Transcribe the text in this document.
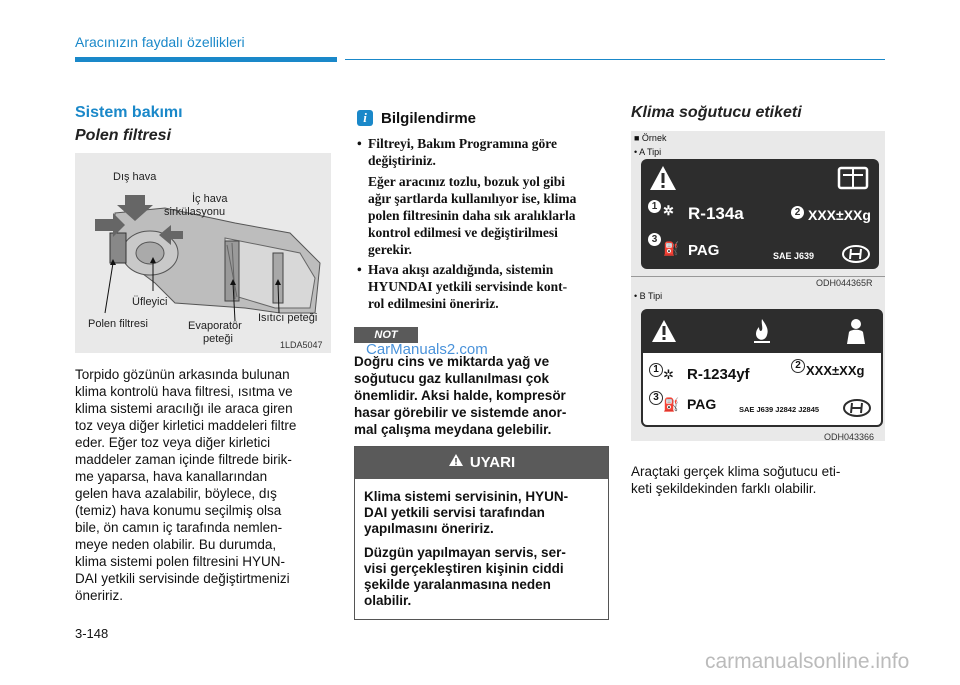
Aracınızın faydalı özellikleri
Sistem bakımı
Polen filtresi
Dış hava
İç hava
sirkülasyonu
Üfleyici
Polen filtresi	Evaporatör
peteği
Isıtıcı peteği
1LDA5047
Torpido gözünün arkasında bulunan
klima kontrolü hava filtresi, ısıtma ve
klima sistemi aracılığı ile araca giren
toz veya diğer kirletici maddeleri filtre
eder. Eğer toz veya diğer kirletici
maddeler zaman içinde filtrede birik-
me yaparsa, hava kanallarından
gelen hava azalabilir, böylece, dış
(temiz) hava konumu seçilmiş olsa
bile, ön camın iç tarafında nemlen-
meye neden olabilir. Bu durumda,
klima sistemi polen filtresini HYUN-
DAI yetkili servisinde değiştirtmenizi
öneririz.
i Bilgilendirme
• Filtreyi, Bakım Programına göre
değiştiriniz.
Eğer aracınız tozlu, bozuk yol gibi
ağır şartlarda kullanılıyor ise, klima
polen filtresinin daha sık aralıklarla
kontrol edilmesi ve değiştirilmesi
gerekir.
• Hava akışı azaldığında, sistemin
HYUNDAI yetkili servisinde kont-
rol edilmesini öneririz.
NOT
Doğru cins ve miktarda yağ ve
soğutucu gaz kullanılması çok
önemlidir. Aksi halde, kompresör
hasar görebilir ve sistemde anor-
mal çalışma meydana gelebilir.
CarManuals2.com
UYARI
Klima sistemi servisinin, HYUN-
DAI yetkili servisi tarafından
yapılmasını öneririz.
Düzgün yapılmayan servis, ser-
visi gerçekleştiren kişinin ciddi
şekilde yaralanmasına neden
olabilir.
Klima soğutucu etiketi
■ Örnek
• A Tipi
1 ✲ R-134a	2 XXX±XXg
3
⛽ PAG	SAE J639
ODH044365R
• B Tipi
1 ✲ R-1234yf
2 XXX±XXg
3 ⛽ PAG	SAE J639 J2842 J2845
ODH043366
Araçtaki gerçek klima soğutucu eti-
keti şekildekinden farklı olabilir.
3-148
carmanualsonline.info
